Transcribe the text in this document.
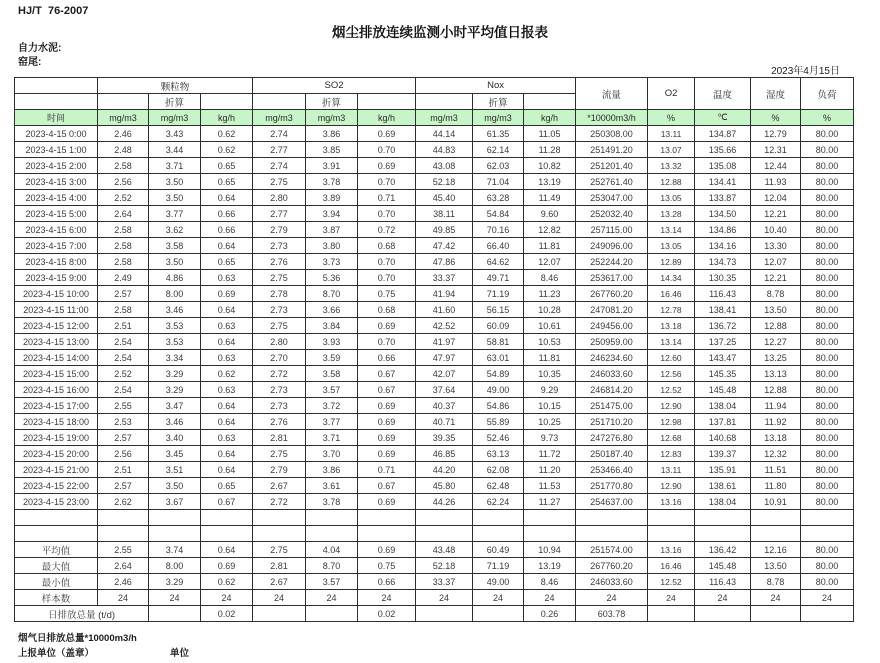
HJ/T  76-2007
烟尘排放连续监测小时平均值日报表
自力水泥:
窑尾:
2023年4月15日
	颗粒物			SO2			Nox			流量	O2	温度	湿度	负荷
		折算			折算			折算						
时间	mg/m3	mg/m3	kg/h	mg/m3	mg/m3	kg/h	mg/m3	mg/m3	kg/h	*10000m3/h	%	℃	%	%
2023-4-15 0:00	2.46	3.43	0.62	2.74	3.86	0.69	44.14	61.35	11.05	250308.00	13.11	134.87	12.79	80.00
2023-4-15 1:00	2.48	3.44	0.62	2.77	3.85	0.70	44.83	62.14	11.28	251491.20	13.07	135.66	12.31	80.00
2023-4-15 2:00	2.58	3.71	0.65	2.74	3.91	0.69	43.08	62.03	10.82	251201.40	13.32	135.08	12.44	80.00
2023-4-15 3:00	2.56	3.50	0.65	2.75	3.78	0.70	52.18	71.04	13.19	252761.40	12.88	134.41	11.93	80.00
2023-4-15 4:00	2.52	3.50	0.64	2.80	3.89	0.71	45.40	63.28	11.49	253047.00	13.05	133.87	12.04	80.00
2023-4-15 5:00	2.64	3.77	0.66	2.77	3.94	0.70	38.11	54.84	9.60	252032.40	13.28	134.50	12.21	80.00
2023-4-15 6:00	2.58	3.62	0.66	2.79	3.87	0.72	49.85	70.16	12.82	257115.00	13.14	134.86	10.40	80.00
2023-4-15 7:00	2.58	3.58	0.64	2.73	3.80	0.68	47.42	66.40	11.81	249096.00	13.05	134.16	13.30	80.00
2023-4-15 8:00	2.58	3.50	0.65	2.76	3.73	0.70	47.86	64.62	12.07	252244.20	12.89	134.73	12.07	80.00
2023-4-15 9:00	2.49	4.86	0.63	2.75	5.36	0.70	33.37	49.71	8.46	253617.00	14.34	130.35	12.21	80.00
2023-4-15 10:00	2.57	8.00	0.69	2.78	8.70	0.75	41.94	71.19	11.23	267760.20	16.46	116.43	8.78	80.00
2023-4-15 11:00	2.58	3.46	0.64	2.73	3.66	0.68	41.60	56.15	10.28	247081.20	12.78	138.41	13.50	80.00
2023-4-15 12:00	2.51	3.53	0.63	2.75	3.84	0.69	42.52	60.09	10.61	249456.00	13.18	136.72	12.88	80.00
2023-4-15 13:00	2.54	3.53	0.64	2.80	3.93	0.70	41.97	58.81	10.53	250959.00	13.14	137.25	12.27	80.00
2023-4-15 14:00	2.54	3.34	0.63	2.70	3.59	0.66	47.97	63.01	11.81	246234.60	12.60	143.47	13.25	80.00
2023-4-15 15:00	2.52	3.29	0.62	2.72	3.58	0.67	42.07	54.89	10.35	246033.60	12.56	145.35	13.13	80.00
2023-4-15 16:00	2.54	3.29	0.63	2.73	3.57	0.67	37.64	49.00	9.29	246814.20	12.52	145.48	12.88	80.00
2023-4-15 17:00	2.55	3.47	0.64	2.73	3.72	0.69	40.37	54.86	10.15	251475.00	12.90	138.04	11.94	80.00
2023-4-15 18:00	2.53	3.46	0.64	2.76	3.77	0.69	40.71	55.89	10.25	251710.20	12.98	137.81	11.92	80.00
2023-4-15 19:00	2.57	3.40	0.63	2.81	3.71	0.69	39.35	52.46	9.73	247276.80	12.68	140.68	13.18	80.00
2023-4-15 20:00	2.56	3.45	0.64	2.75	3.70	0.69	46.85	63.13	11.72	250187.40	12.83	139.37	12.32	80.00
2023-4-15 21:00	2.51	3.51	0.64	2.79	3.86	0.71	44.20	62.08	11.20	253466.40	13.11	135.91	11.51	80.00
2023-4-15 22:00	2.57	3.50	0.65	2.67	3.61	0.67	45.80	62.48	11.53	251770.80	12.90	138.61	11.80	80.00
2023-4-15 23:00	2.62	3.67	0.67	2.72	3.78	0.69	44.26	62.24	11.27	254637.00	13.16	138.04	10.91	80.00

平均值	2.55	3.74	0.64	2.75	4.04	0.69	43.48	60.49	10.94	251574.00	13.16	136.42	12.16	80.00
最大值	2.64	8.00	0.69	2.81	8.70	0.75	52.18	71.19	13.19	267760.20	16.46	145.48	13.50	80.00
最小值	2.46	3.29	0.62	2.67	3.57	0.66	33.37	49.00	8.46	246033.60	12.52	116.43	8.78	80.00
样本数	24	24	24	24	24	24	24	24	24	24	24	24	24	24
日排放总量 (t/d)			0.02			0.02			0.26	603.78				
烟气日排放总量*10000m3/h
上报单位（盖章）	单位
